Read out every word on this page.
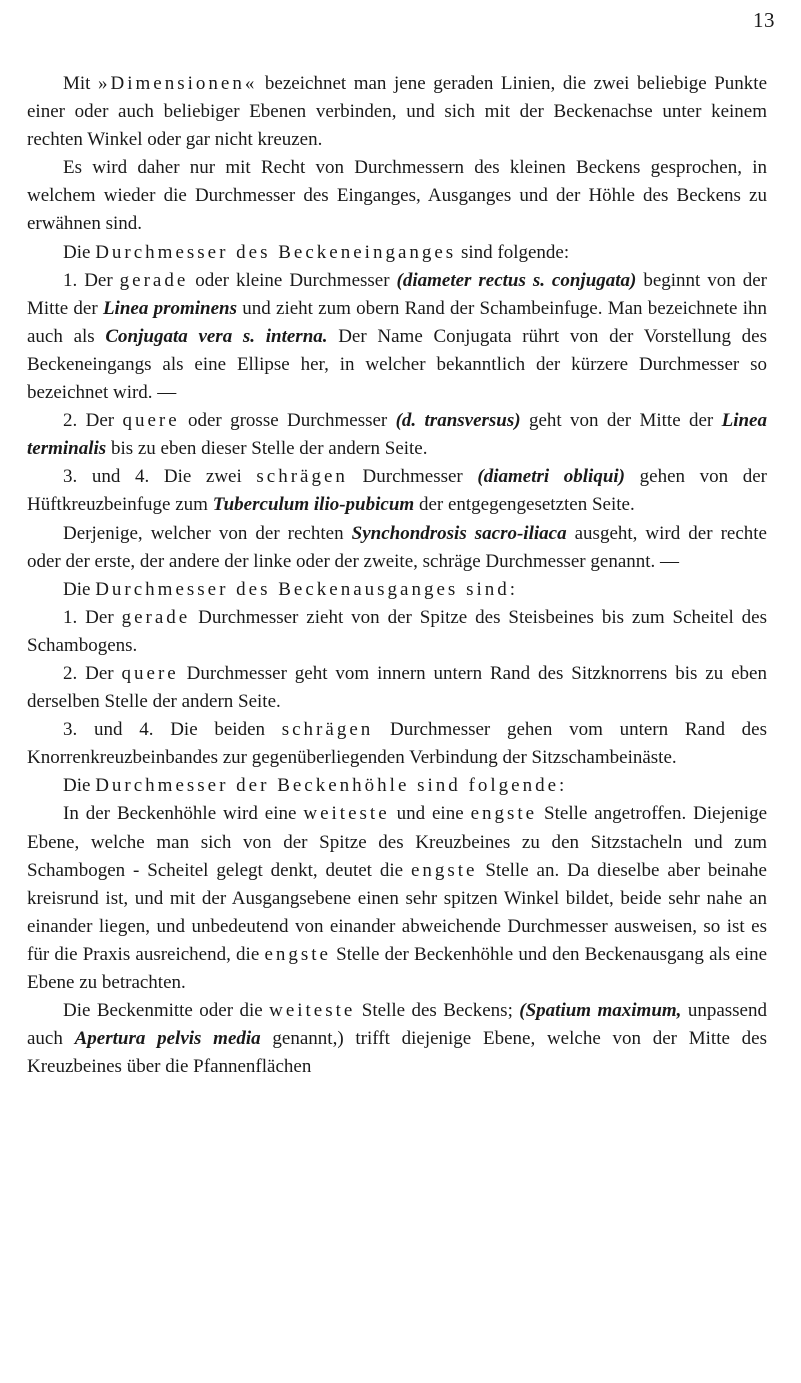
13

Mit »Dimensionen« bezeichnet man jene geraden Linien, die zwei beliebige Punkte einer oder auch beliebiger Ebenen verbinden, und sich mit der Beckenachse unter keinem rechten Winkel oder gar nicht kreuzen.

Es wird daher nur mit Recht von Durchmessern des kleinen Beckens gesprochen, in welchem wieder die Durchmesser des Einganges, Ausganges und der Höhle des Beckens zu erwähnen sind.

Die Durchmesser des Beckeneinganges sind folgende:

1. Der gerade oder kleine Durchmesser (diameter rectus s. conjugata) beginnt von der Mitte der Linea prominens und zieht zum obern Rand der Schambeinfuge. Man bezeichnete ihn auch als Conjugata vera s. interna. Der Name Conjugata rührt von der Vorstellung des Beckeneingangs als eine Ellipse her, in welcher bekanntlich der kürzere Durchmesser so bezeichnet wird. —

2. Der quere oder grosse Durchmesser (d. transversus) geht von der Mitte der Linea terminalis bis zu eben dieser Stelle der andern Seite.

3. und 4. Die zwei schrägen Durchmesser (diametri obliqui) gehen von der Hüftkreuzbeinfuge zum Tuberculum ilio-pubicum der entgegengesetzten Seite.

Derjenige, welcher von der rechten Synchondrosis sacro-iliaca ausgeht, wird der rechte oder der erste, der andere der linke oder der zweite, schräge Durchmesser genannt. —

Die Durchmesser des Beckenausganges sind:

1. Der gerade Durchmesser zieht von der Spitze des Steisbeines bis zum Scheitel des Schambogens.

2. Der quere Durchmesser geht vom innern untern Rand des Sitzknorrens bis zu eben derselben Stelle der andern Seite.

3. und 4. Die beiden schrägen Durchmesser gehen vom untern Rand des Knorrenkreuzbeinbandes zur gegenüberliegenden Verbindung der Sitzschambeinäste.

Die Durchmesser der Beckenhöhle sind folgende:

In der Beckenhöhle wird eine weiteste und eine engste Stelle angetroffen. Diejenige Ebene, welche man sich von der Spitze des Kreuzbeines zu den Sitzstacheln und zum Schambogen - Scheitel gelegt denkt, deutet die engste Stelle an. Da dieselbe aber beinahe kreisrund ist, und mit der Ausgangsebene einen sehr spitzen Winkel bildet, beide sehr nahe an einander liegen, und unbedeutend von einander abweichende Durchmesser ausweisen, so ist es für die Praxis ausreichend, die engste Stelle der Beckenhöhle und den Beckenausgang als eine Ebene zu betrachten.

Die Beckenmitte oder die weiteste Stelle des Beckens; (Spatium maximum, unpassend auch Apertura pelvis media genannt,) trifft diejenige Ebene, welche von der Mitte des Kreuzbeines über die Pfannenflächen
